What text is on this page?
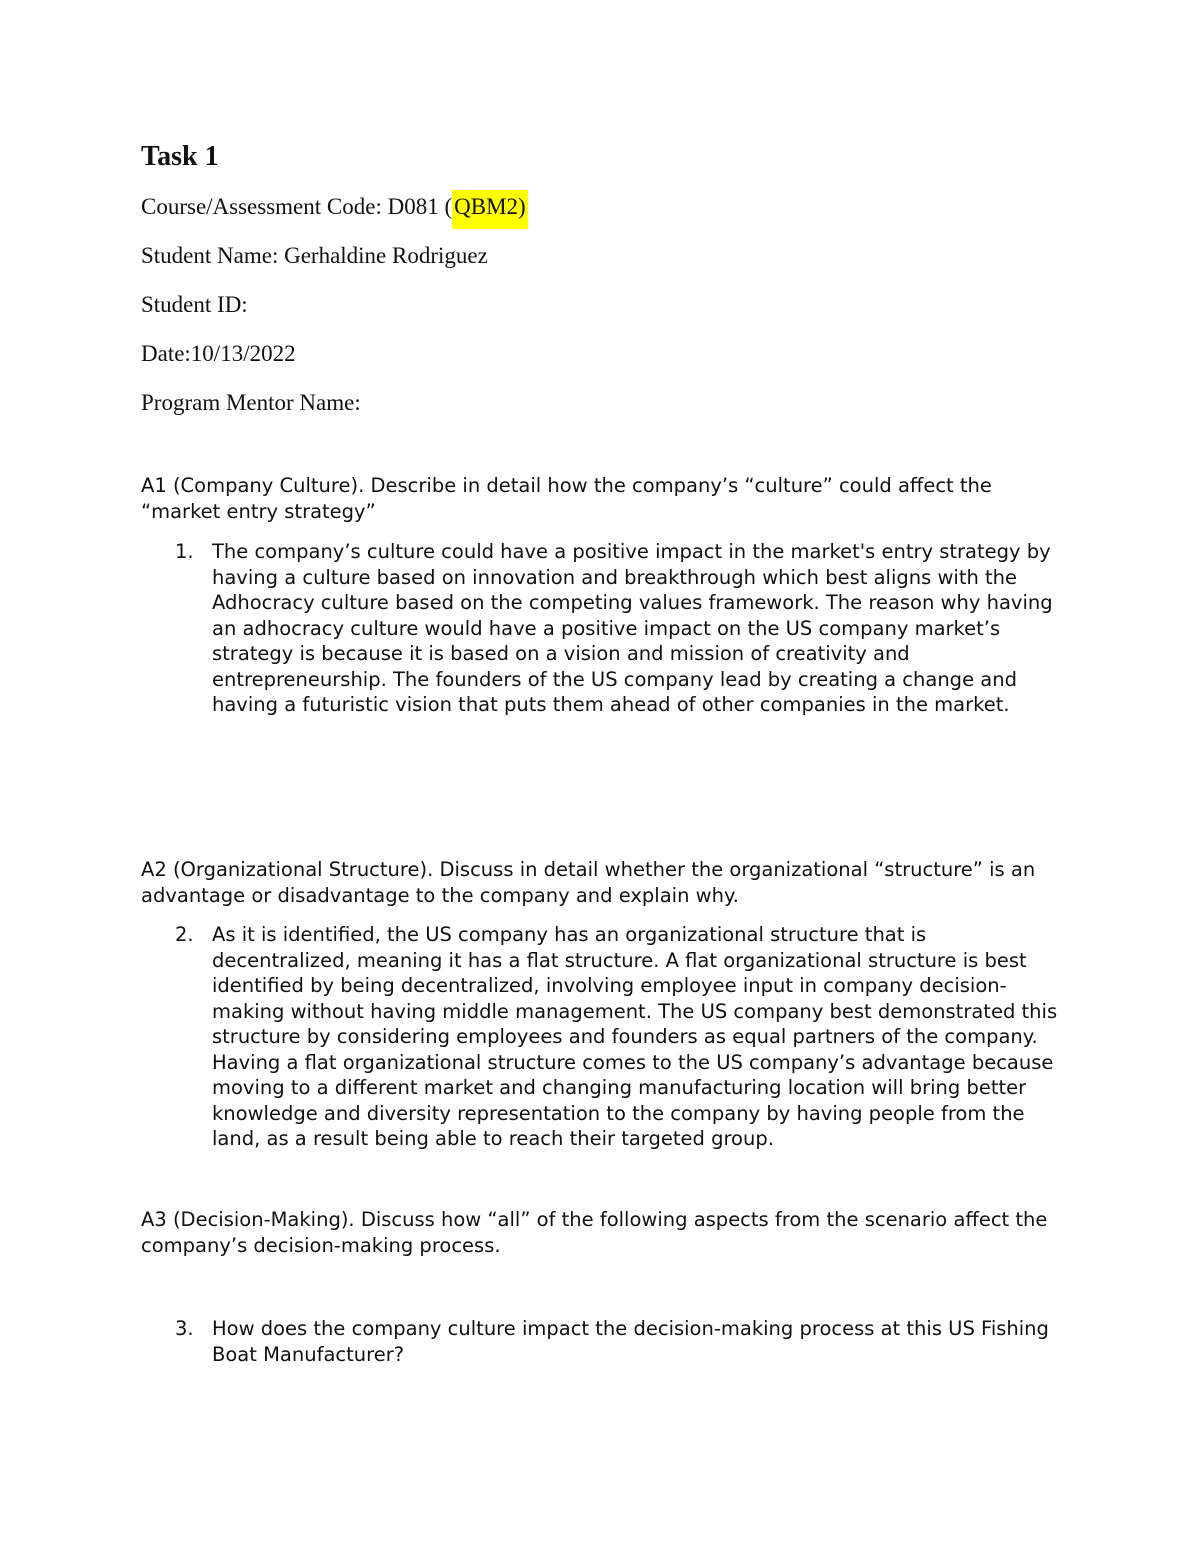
Task 1
Course/Assessment Code: D081 (QBM2)
Student Name: Gerhaldine Rodriguez
Student ID:
Date:10/13/2022
Program Mentor Name:

A1 (Company Culture). Describe in detail how the company’s “culture” could affect the “market entry strategy”

1. The company’s culture could have a positive impact in the market's entry strategy by having a culture based on innovation and breakthrough which best aligns with the Adhocracy culture based on the competing values framework. The reason why having an adhocracy culture would have a positive impact on the US company market’s strategy is because it is based on a vision and mission of creativity and entrepreneurship. The founders of the US company lead by creating a change and having a futuristic vision that puts them ahead of other companies in the market.

A2 (Organizational Structure). Discuss in detail whether the organizational “structure” is an advantage or disadvantage to the company and explain why.

2. As it is identified, the US company has an organizational structure that is decentralized, meaning it has a flat structure. A flat organizational structure is best identified by being decentralized, involving employee input in company decision-making without having middle management. The US company best demonstrated this structure by considering employees and founders as equal partners of the company. Having a flat organizational structure comes to the US company’s advantage because moving to a different market and changing manufacturing location will bring better knowledge and diversity representation to the company by having people from the land, as a result being able to reach their targeted group.

A3 (Decision-Making). Discuss how “all” of the following aspects from the scenario affect the company’s decision-making process.

3. How does the company culture impact the decision-making process at this US Fishing Boat Manufacturer?
